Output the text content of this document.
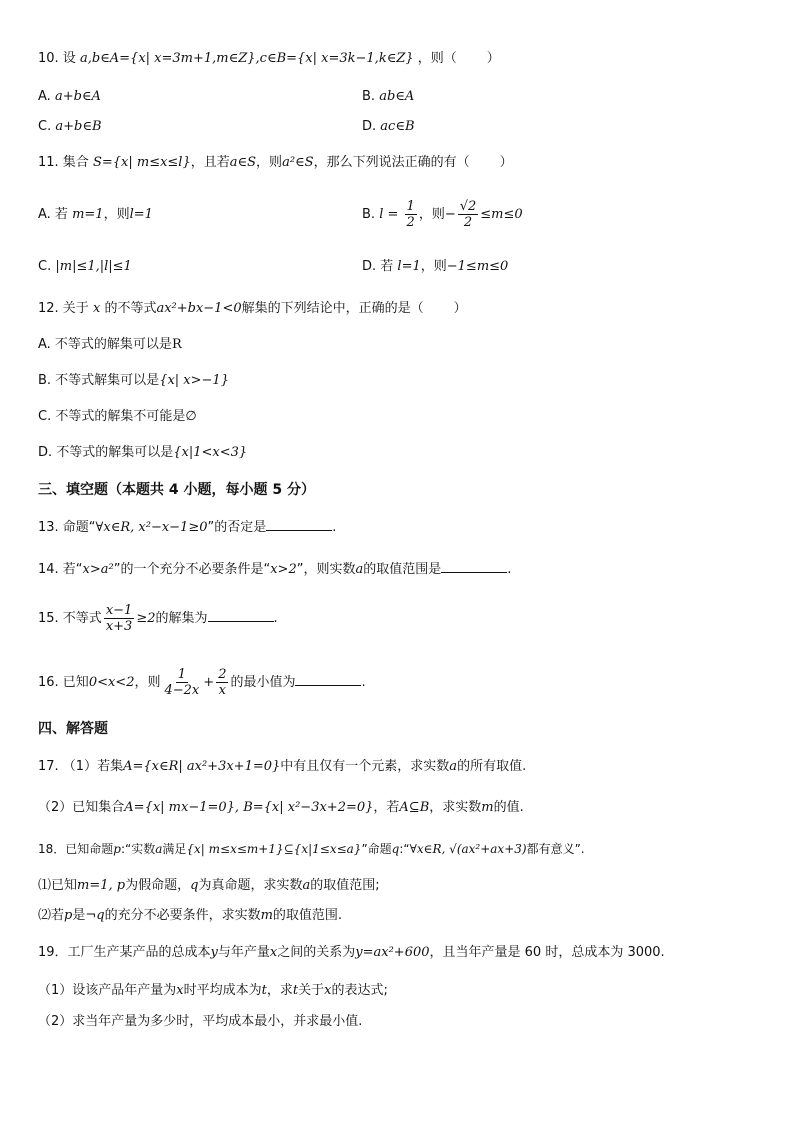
10. 设 a,b∈A={x| x=3m+1,m∈Z},c∈B={x| x=3k−1,k∈Z} ，则（ ）
A. a+b∈A	B. ab∈A
C. a+b∈B	D. ac∈B
11. 集合 S={x| m≤x≤l}，且若a∈S，则a²∈S，那么下列说法正确的有（ ）
A. 若 m=1，则l=1	B. $l = \frac{1}{2}$ ，则− $\frac{√2}{2} \le m\le 0$
C. |m|≤1,|l|≤1	D. 若 l=1，则−1≤m≤0
12. 关于 x 的不等式ax²+bx−1<0解集的下列结论中，正确的是（ ）
A. 不等式的解集可以是R
B. 不等式解集可以是{x| x>−1}
C. 不等式的解集不可能是∅
D. 不等式的解集可以是{x|1<x<3}
三、填空题（本题共 4 小题，每小题 5 分）
13. 命题“∀x∈R, x²−x−1≥0”的否定是	.
14. 若“x>a²”的一个充分不必要条件是“x>2”，则实数a的取值范围是	.
15. 不等式 $\frac{x-1}{x+3} \ge 2$的解集为	.
16. 已知0<x<2，则 $\frac{1}{4-2x} + \frac{2}{x}$ 的最小值为	.
四、解答题
17. （1）若集A={x∈R| ax²+3x+1=0}中有且仅有一个元素，求实数a的所有取值.
（2）已知集合A={x| mx−1=0}, B={x| x²−3x+2=0}，若A⊆B，求实数m的值.
18．已知命题p:“实数a满足{x| m≤x≤m+1}⊆{x|1≤x≤a}”命题q:“∀x∈R, √(ax²+ax+3)都有意义”.
⑴已知m=1, p为假命题，q为真命题，求实数a的取值范围;
⑵若p是¬q的充分不必要条件，求实数m的取值范围.
19．工厂生产某产品的总成本y与年产量x之间的关系为y=ax²+600，且当年产量是 60 时，总成本为 3000.
（1）设该产品年产量为x时平均成本为t，求t关于x的表达式;
（2）求当年产量为多少时，平均成本最小，并求最小值.
